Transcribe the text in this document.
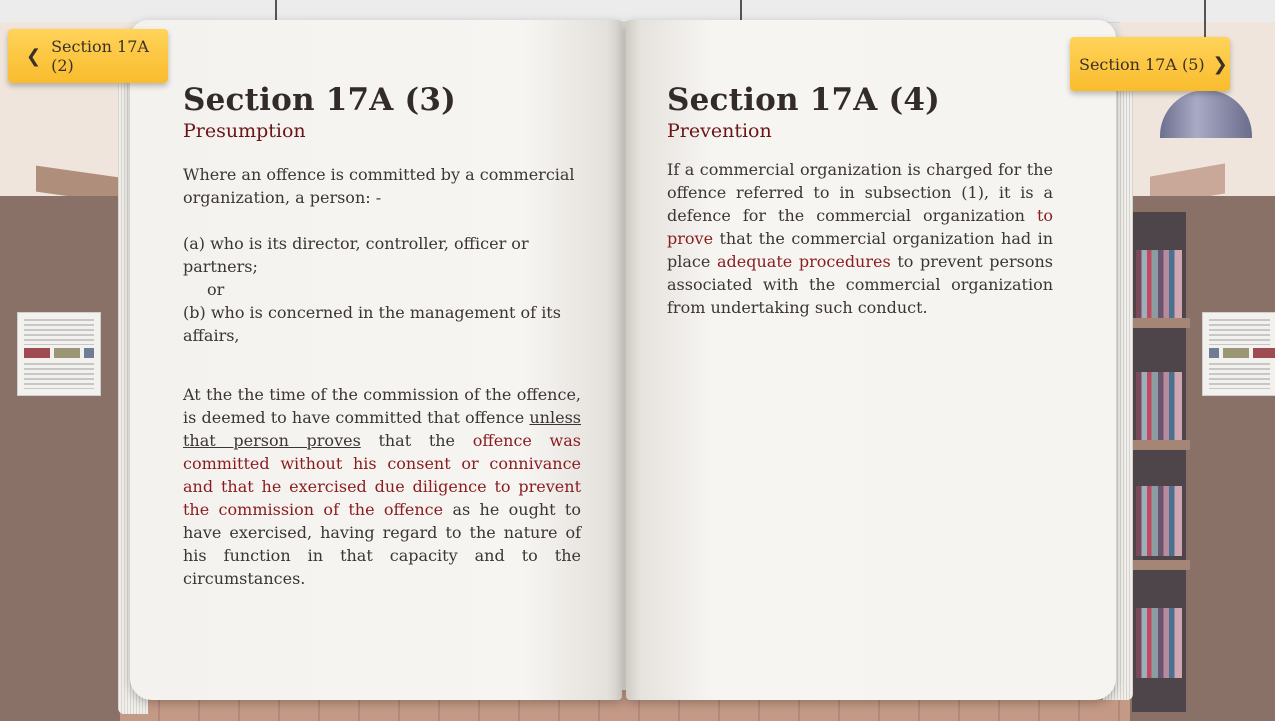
Section 17A (3)
Presumption

Where an offence is committed by a commercial organization, a person: -

(a) who is its director, controller, officer or partners;

or

(b) who is concerned in the management of its affairs,

At the the time of the commission of the offence, is deemed to have committed that offence unless that person proves that the offence was committed without his consent or connivance and that he exercised due diligence to prevent the commission of the offence as he ought to have exercised, having regard to the nature of his function in that capacity and to the circumstances.

Section 17A (4)
Prevention

If a commercial organization is charged for the offence referred to in subsection (1), it is a defence for the commercial organization to prove that the commercial organization had in place adequate procedures to prevent persons associated with the commercial organization from undertaking such conduct.

❮ Section 17A (2)	Section 17A (5) ❯
